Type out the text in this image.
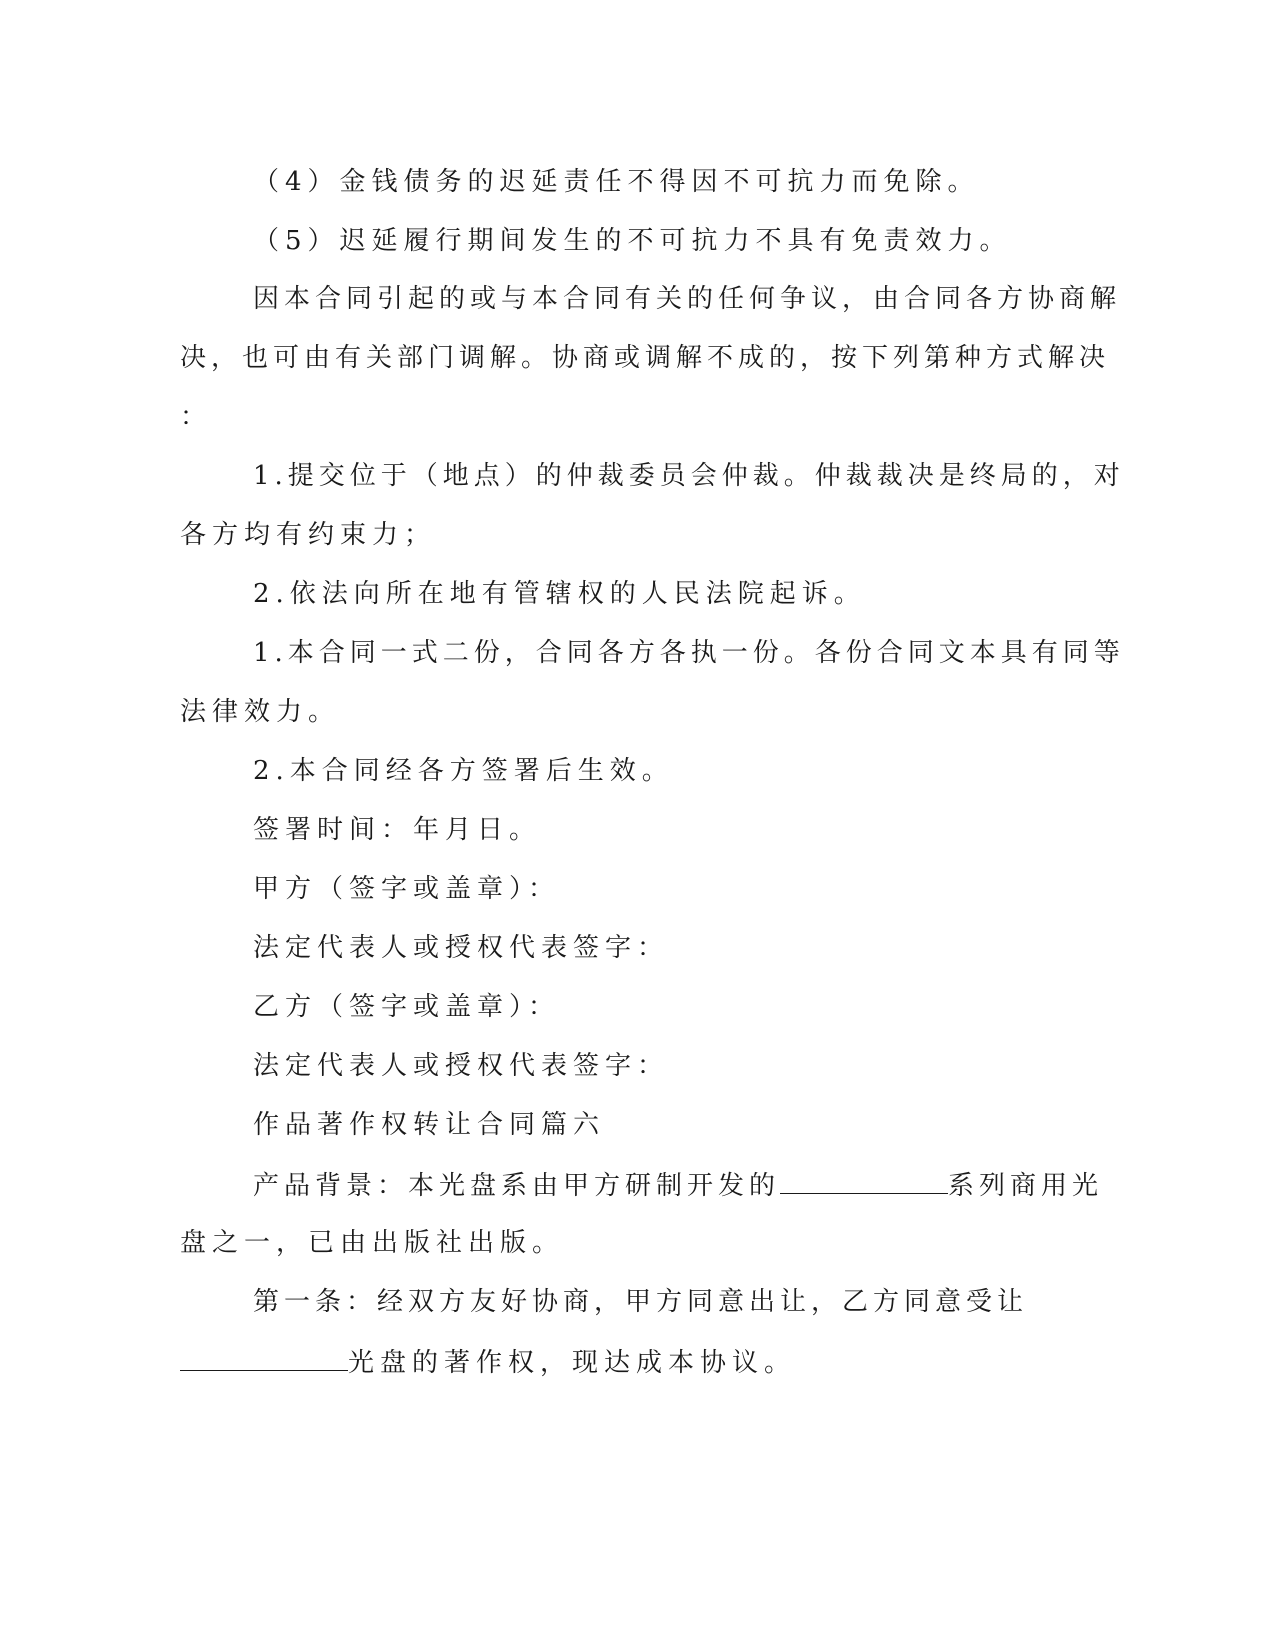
（4）金钱债务的迟延责任不得因不可抗力而免除。
（5）迟延履行期间发生的不可抗力不具有免责效力。
因本合同引起的或与本合同有关的任何争议，由合同各方协商解
决，也可由有关部门调解。协商或调解不成的，按下列第种方式解决
：
1.提交位于（地点）的仲裁委员会仲裁。仲裁裁决是终局的，对
各方均有约束力；
2.依法向所在地有管辖权的人民法院起诉。
1.本合同一式二份，合同各方各执一份。各份合同文本具有同等
法律效力。
2.本合同经各方签署后生效。
签署时间：年月日。
甲方（签字或盖章）：
法定代表人或授权代表签字：
乙方（签字或盖章）：
法定代表人或授权代表签字：
作品著作权转让合同篇六
产品背景：本光盘系由甲方研制开发的	系列商用光
盘之一，已由出版社出版。
第一条：经双方友好协商，甲方同意出让，乙方同意受让
光盘的著作权，现达成本协议。
